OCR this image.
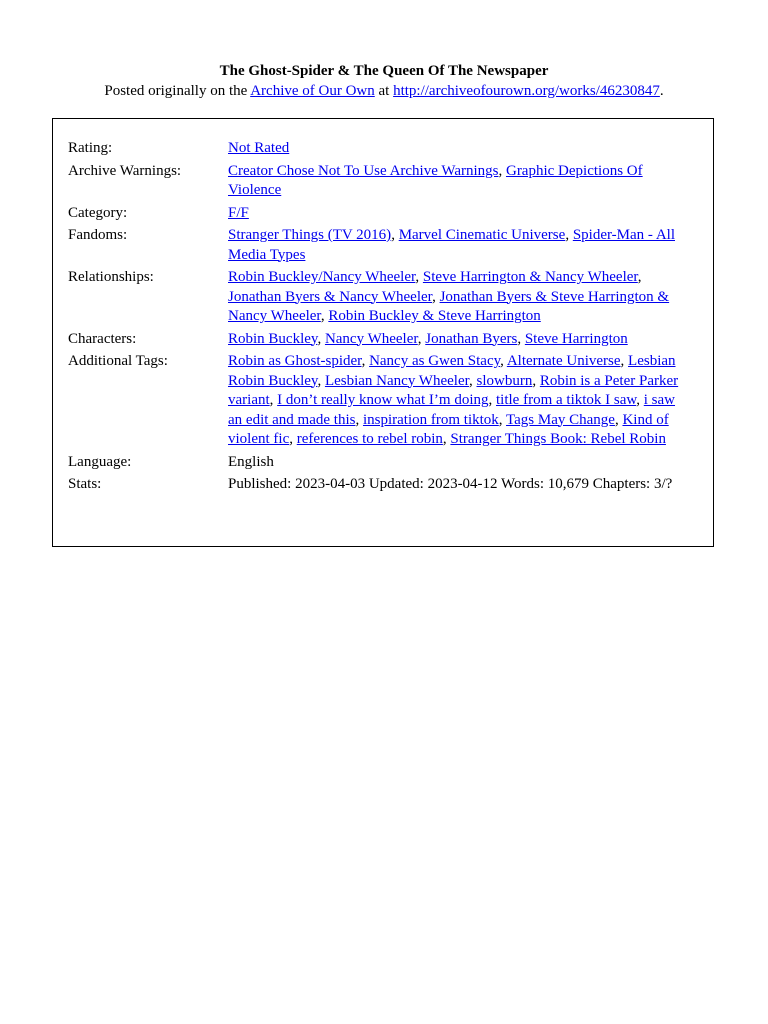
The Ghost-Spider & The Queen Of The Newspaper

Posted originally on the Archive of Our Own at http://archiveofourown.org/works/46230847.

Rating:	Not Rated
Archive Warnings:	Creator Chose Not To Use Archive Warnings, Graphic Depictions Of Violence
Category:	F/F
Fandoms:	Stranger Things (TV 2016), Marvel Cinematic Universe, Spider-Man - All Media Types
Relationships:	Robin Buckley/Nancy Wheeler, Steve Harrington & Nancy Wheeler, Jonathan Byers & Nancy Wheeler, Jonathan Byers & Steve Harrington & Nancy Wheeler, Robin Buckley & Steve Harrington
Characters:	Robin Buckley, Nancy Wheeler, Jonathan Byers, Steve Harrington
Additional Tags:	Robin as Ghost-spider, Nancy as Gwen Stacy, Alternate Universe, Lesbian Robin Buckley, Lesbian Nancy Wheeler, slowburn, Robin is a Peter Parker variant, I don’t really know what I’m doing, title from a tiktok I saw, i saw an edit and made this, inspiration from tiktok, Tags May Change, Kind of violent fic, references to rebel robin, Stranger Things Book: Rebel Robin
Language:	English
Stats:	Published: 2023-04-03 Updated: 2023-04-12 Words: 10,679 Chapters: 3/?
